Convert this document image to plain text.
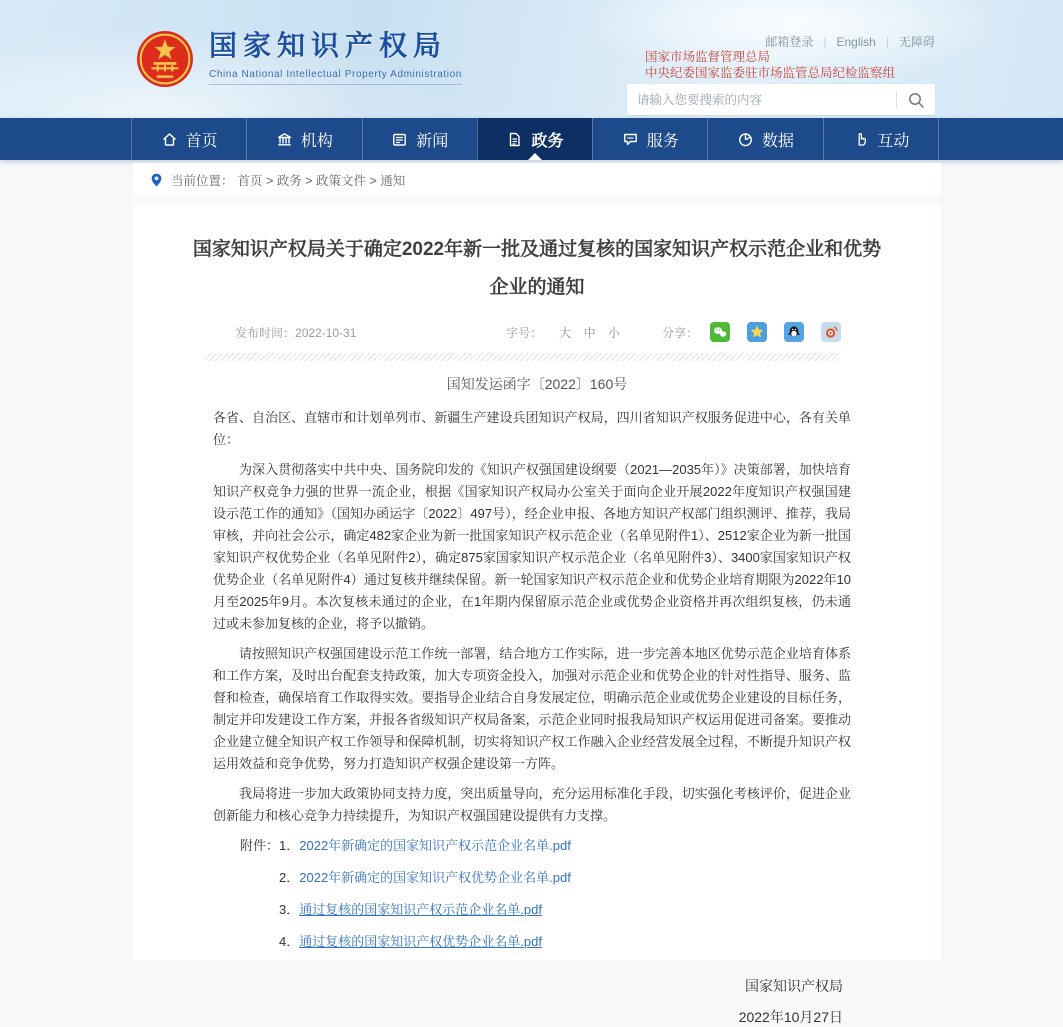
国家知识产权局
China National Intellectual Property Administration
邮箱登录 | English | 无障碍
国家市场监督管理总局
中央纪委国家监委驻市场监管总局纪检监察组
请输入您要搜索的内容
首页	机构	新闻	政务	服务	数据	互动
当前位置： 首页 > 政务 > 政策文件 > 通知
国家知识产权局关于确定2022年新一批及通过复核的国家知识产权示范企业和优势企业的通知
发布时间：2022-10-31	字号：	大 中 小	分享：
国知发运函字〔2022〕160号

各省、自治区、直辖市和计划单列市、新疆生产建设兵团知识产权局，四川省知识产权服务促进中心，各有关单位：

为深入贯彻落实中共中央、国务院印发的《知识产权强国建设纲要（2021—2035年）》决策部署，加快培育知识产权竞争力强的世界一流企业，根据《国家知识产权局办公室关于面向企业开展2022年度知识产权强国建设示范工作的通知》（国知办函运字〔2022〕497号），经企业申报、各地方知识产权部门组织测评、推荐，我局审核，并向社会公示，确定482家企业为新一批国家知识产权示范企业（名单见附件1）、2512家企业为新一批国家知识产权优势企业（名单见附件2），确定875家国家知识产权示范企业（名单见附件3）、3400家国家知识产权优势企业（名单见附件4）通过复核并继续保留。新一轮国家知识产权示范企业和优势企业培育期限为2022年10月至2025年9月。本次复核未通过的企业，在1年期内保留原示范企业或优势企业资格并再次组织复核，仍未通过或未参加复核的企业，将予以撤销。

请按照知识产权强国建设示范工作统一部署，结合地方工作实际，进一步完善本地区优势示范企业培育体系和工作方案，及时出台配套支持政策，加大专项资金投入，加强对示范企业和优势企业的针对性指导、服务、监督和检查，确保培育工作取得实效。要指导企业结合自身发展定位，明确示范企业或优势企业建设的目标任务，制定并印发建设工作方案，并报各省级知识产权局备案，示范企业同时报我局知识产权运用促进司备案。要推动企业建立健全知识产权工作领导和保障机制，切实将知识产权工作融入企业经营发展全过程，不断提升知识产权运用效益和竞争优势，努力打造知识产权强企建设第一方阵。

我局将进一步加大政策协同支持力度，突出质量导向，充分运用标准化手段，切实强化考核评价，促进企业创新能力和核心竞争力持续提升，为知识产权强国建设提供有力支撑。

附件： 1．2022年新确定的国家知识产权示范企业名单.pdf
2．2022年新确定的国家知识产权优势企业名单.pdf
3．通过复核的国家知识产权示范企业名单.pdf
4．通过复核的国家知识产权优势企业名单.pdf
国家知识产权局
2022年10月27日
